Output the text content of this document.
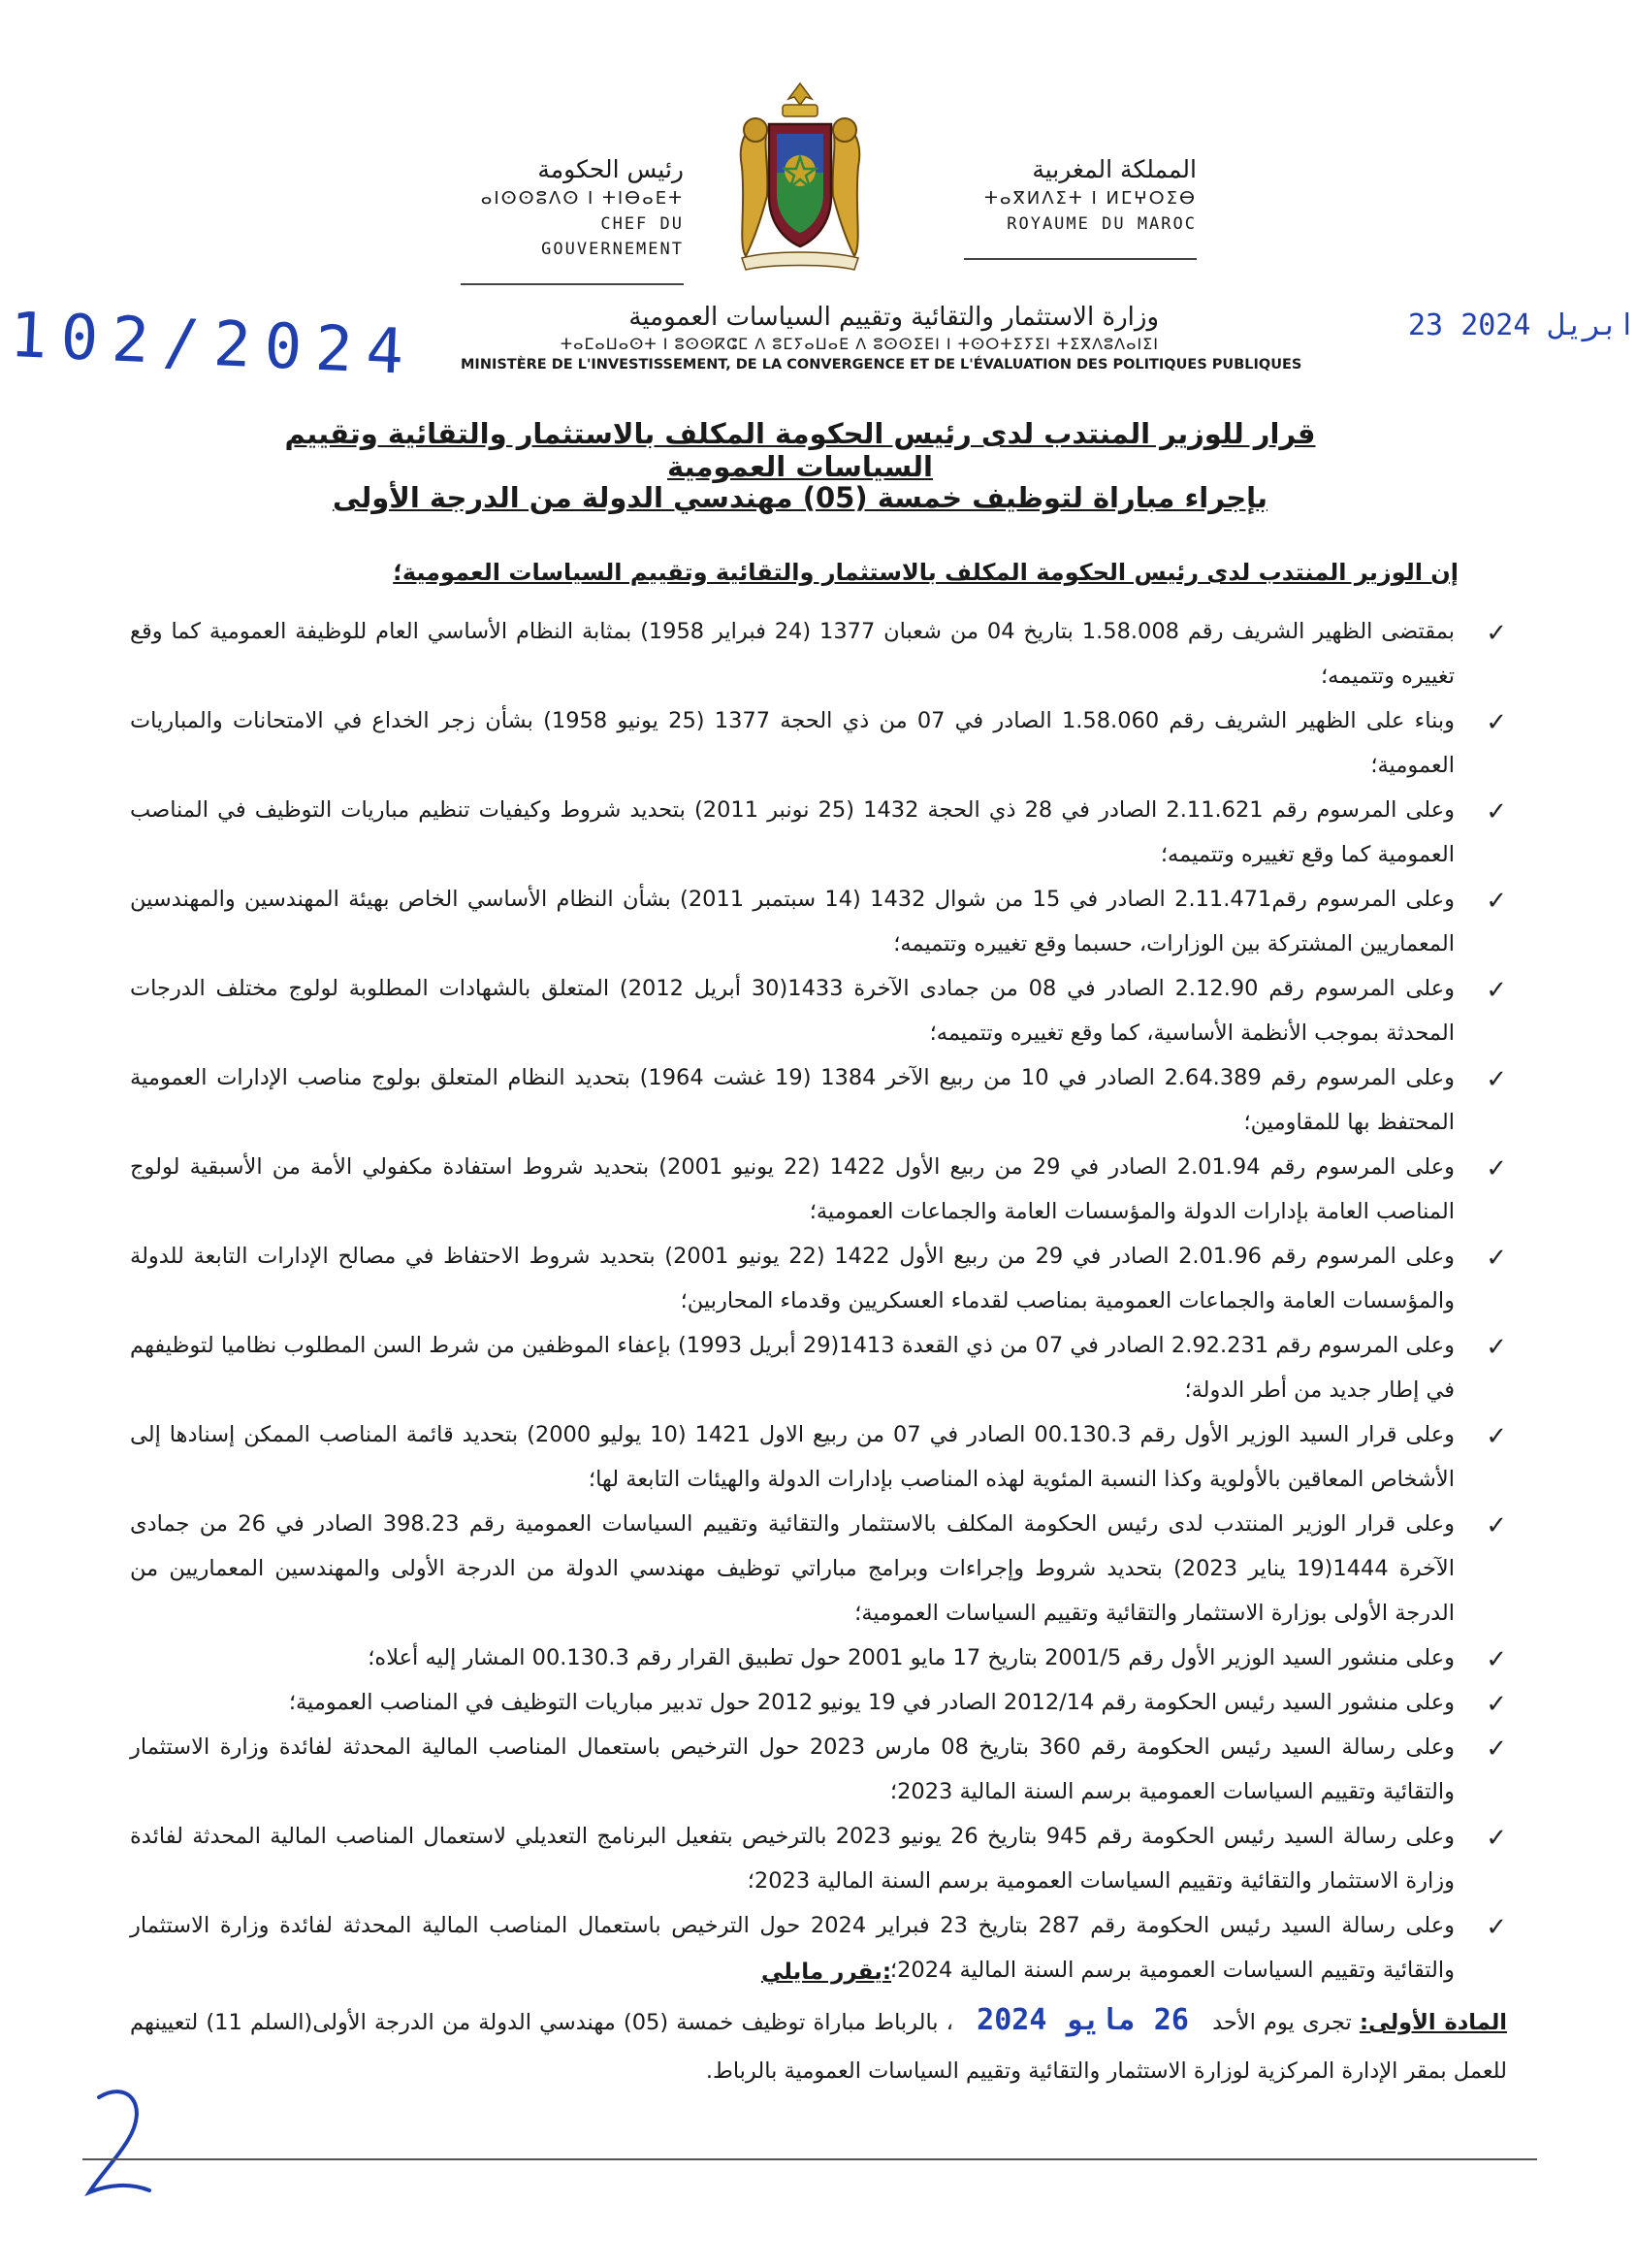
المملكة المغربية
ⵜⴰⴳⵍⴷⵉⵜ ⵏ ⵍⵎⵖⵔⵉⴱ
ROYAUME DU MAROC
رئيس الحكومة
ⴰⵏⵙⵙⵓⴷⵙ ⵏ ⵜⵏⴱⴰⴹⵜ
CHEF DU GOUVERNEMENT
وزارة الاستثمار والتقائية وتقييم السياسات العمومية
ⵜⴰⵎⴰⵡⴰⵙⵜ ⵏ ⵓⵙⵙⴽⵛⵎ ⴷ ⵓⵎⵢⴰⵡⴰⴹ ⴷ ⵓⵙⵙⵉⴹⵏ ⵏ ⵜⵙⵔⵜⵉⵢⵉⵏ ⵜⵉⴳⴷⵓⴷⴰⵏⵉⵏ
MINISTÈRE DE L'INVESTISSEMENT, DE LA CONVERGENCE ET DE L'ÉVALUATION DES POLITIQUES PUBLIQUES
102/2024	23 ابريل 2024
قرار للوزير المنتدب لدى رئيس الحكومة المكلف بالاستثمار والتقائية وتقييم السياسات العمومية
بإجراء مباراة لتوظيف خمسة (05) مهندسي الدولة من الدرجة الأولى
إن الوزير المنتدب لدى رئيس الحكومة المكلف بالاستثمار والتقائية وتقييم السياسات العمومية؛
✓
بمقتضى الظهير الشريف رقم 1.58.008 بتاريخ 04 من شعبان 1377 (24 فبراير 1958) بمثابة النظام الأساسي العام للوظيفة العمومية كما وقع تغييره وتتميمه؛
✓
وبناء على الظهير الشريف رقم 1.58.060 الصادر في 07 من ذي الحجة 1377 (25 يونيو 1958) بشأن زجر الخداع في الامتحانات والمباريات العمومية؛
✓
وعلى المرسوم رقم 2.11.621 الصادر في 28 ذي الحجة 1432 (25 نونبر 2011) بتحديد شروط وكيفيات تنظيم مباريات التوظيف في المناصب العمومية كما وقع تغييره وتتميمه؛
✓
وعلى المرسوم رقم2.11.471 الصادر في 15 من شوال 1432 (14 سبتمبر 2011) بشأن النظام الأساسي الخاص بهيئة المهندسين والمهندسين المعماريين المشتركة بين الوزارات، حسبما وقع تغييره وتتميمه؛
✓
وعلى المرسوم رقم 2.12.90 الصادر في 08 من جمادى الآخرة 1433(30 أبريل 2012) المتعلق بالشهادات المطلوبة لولوج مختلف الدرجات المحدثة بموجب الأنظمة الأساسية، كما وقع تغييره وتتميمه؛
✓
وعلى المرسوم رقم 2.64.389 الصادر في 10 من ربيع الآخر 1384 (19 غشت 1964) بتحديد النظام المتعلق بولوج مناصب الإدارات العمومية المحتفظ بها للمقاومين؛
✓
وعلى المرسوم رقم 2.01.94 الصادر في 29 من ربيع الأول 1422 (22 يونيو 2001) بتحديد شروط استفادة مكفولي الأمة من الأسبقية لولوج المناصب العامة بإدارات الدولة والمؤسسات العامة والجماعات العمومية؛
✓
وعلى المرسوم رقم 2.01.96 الصادر في 29 من ربيع الأول 1422 (22 يونيو 2001) بتحديد شروط الاحتفاظ في مصالح الإدارات التابعة للدولة والمؤسسات العامة والجماعات العمومية بمناصب لقدماء العسكريين وقدماء المحاربين؛
✓
وعلى المرسوم رقم 2.92.231 الصادر في 07 من ذي القعدة 1413(29 أبريل 1993) بإعفاء الموظفين من شرط السن المطلوب نظاميا لتوظيفهم في إطار جديد من أطر الدولة؛
✓
وعلى قرار السيد الوزير الأول رقم 00.130.3 الصادر في 07 من ربيع الاول 1421 (10 يوليو 2000) بتحديد قائمة المناصب الممكن إسنادها إلى الأشخاص المعاقين بالأولوية وكذا النسبة المئوية لهذه المناصب بإدارات الدولة والهيئات التابعة لها؛
✓
وعلى قرار الوزير المنتدب لدى رئيس الحكومة المكلف بالاستثمار والتقائية وتقييم السياسات العمومية رقم 398.23 الصادر في 26 من جمادى الآخرة 1444(19 يناير 2023) بتحديد شروط وإجراءات وبرامج مباراتي توظيف مهندسي الدولة من الدرجة الأولى والمهندسين المعماريين من الدرجة الأولى بوزارة الاستثمار والتقائية وتقييم السياسات العمومية؛
✓
وعلى منشور السيد الوزير الأول رقم 2001/5 بتاريخ 17 مايو 2001 حول تطبيق القرار رقم 00.130.3 المشار إليه أعلاه؛
✓
وعلى منشور السيد رئيس الحكومة رقم 2012/14 الصادر في 19 يونيو 2012 حول تدبير مباريات التوظيف في المناصب العمومية؛
✓
وعلى رسالة السيد رئيس الحكومة رقم 360 بتاريخ 08 مارس 2023 حول الترخيص باستعمال المناصب المالية المحدثة لفائدة وزارة الاستثمار والتقائية وتقييم السياسات العمومية برسم السنة المالية 2023؛
✓
وعلى رسالة السيد رئيس الحكومة رقم 945 بتاريخ 26 يونيو 2023 بالترخيص بتفعيل البرنامج التعديلي لاستعمال المناصب المالية المحدثة لفائدة وزارة الاستثمار والتقائية وتقييم السياسات العمومية برسم السنة المالية 2023؛
✓
وعلى رسالة السيد رئيس الحكومة رقم 287 بتاريخ 23 فبراير 2024 حول الترخيص باستعمال المناصب المالية المحدثة لفائدة وزارة الاستثمار والتقائية وتقييم السياسات العمومية برسم السنة المالية 2024؛
يقرر مايلي:
المادة الأولى: تجرى يوم الأحد 26 مايو 2024 ، بالرباط مباراة توظيف خمسة (05) مهندسي الدولة من الدرجة الأولى(السلم 11) لتعيينهم للعمل بمقر الإدارة المركزية لوزارة الاستثمار والتقائية وتقييم السياسات العمومية بالرباط.
